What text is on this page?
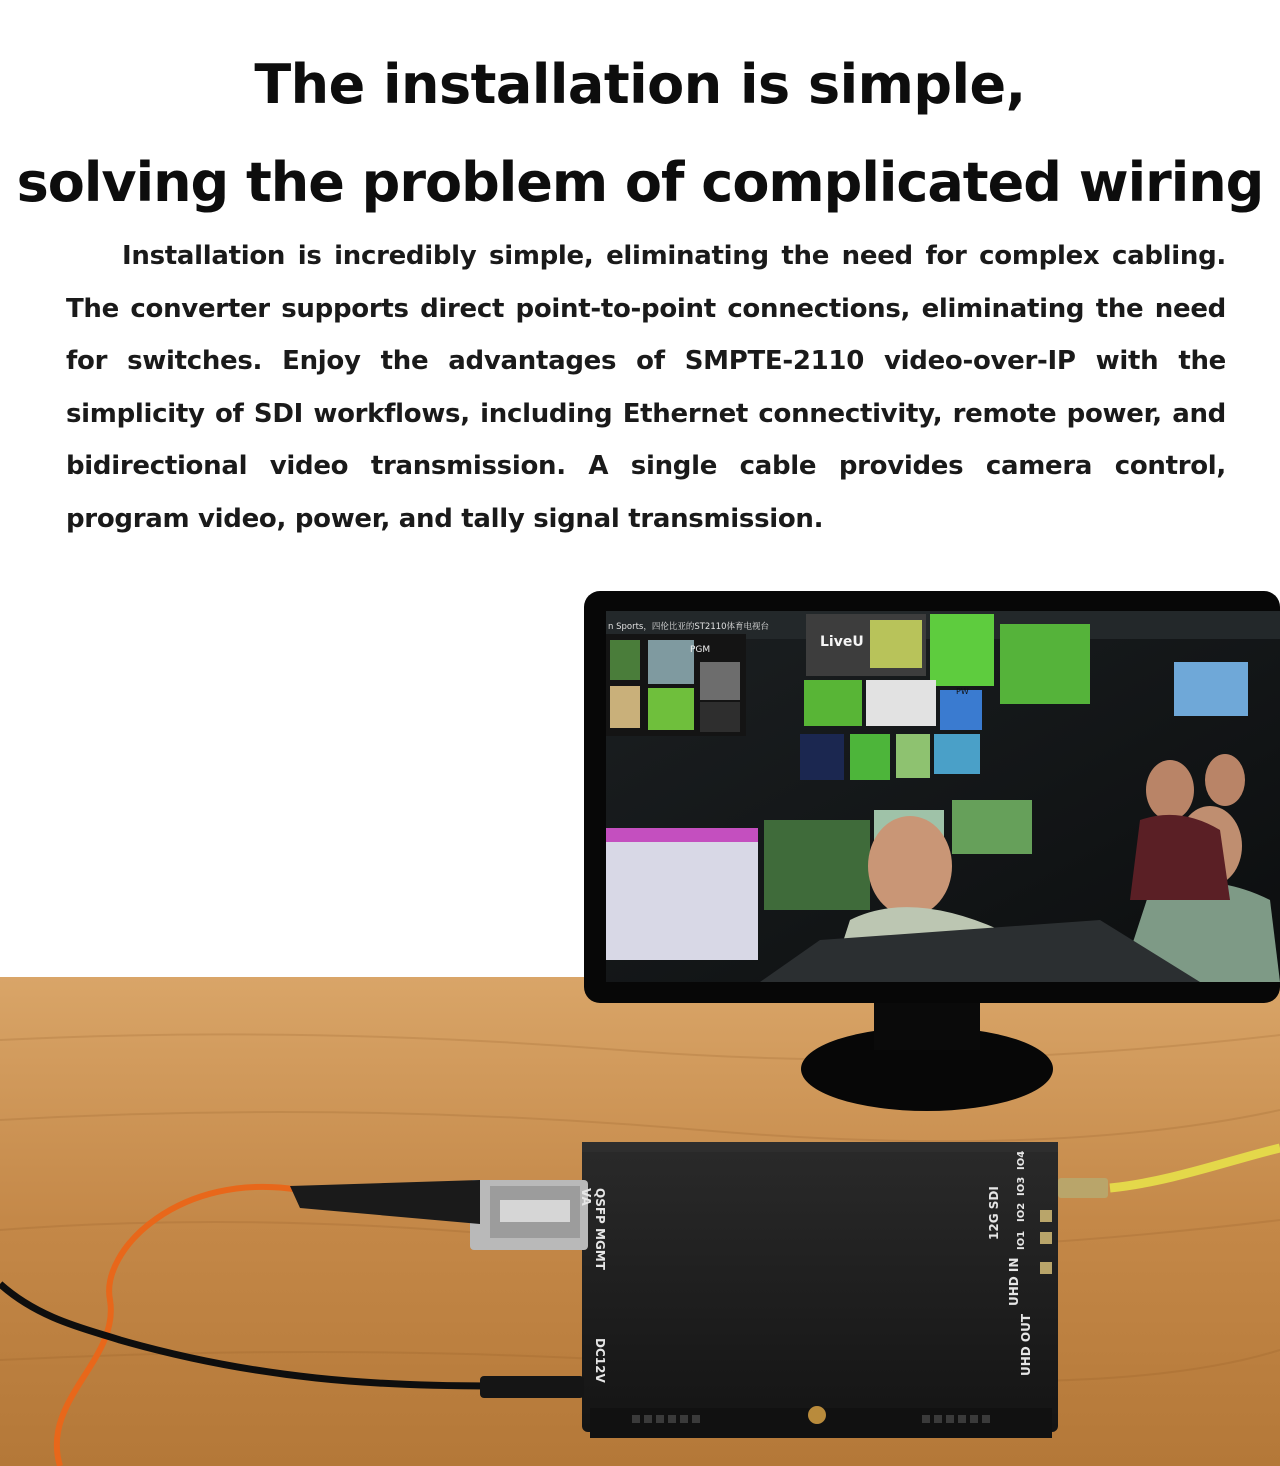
The installation is simple,
solving the problem of complicated wiring

Installation is incredibly simple, eliminating the need for complex cabling. The converter supports direct point-to-point connections, eliminating the need for switches. Enjoy the advantages of SMPTE-2110 video-over-IP with the simplicity of SDI workflows, including Ethernet connectivity, remote power, and bidirectional video transmission. A single cable provides camera control, program video, power, and tally signal transmission.

n Sports，四伦比亚的ST2110体育电视台
PGM	LiveU
PW
QSFP
VA
MGMT
DC12V
12G SDI
IO1
IO2
IO3
IO4
UHD IN
UHD OUT
